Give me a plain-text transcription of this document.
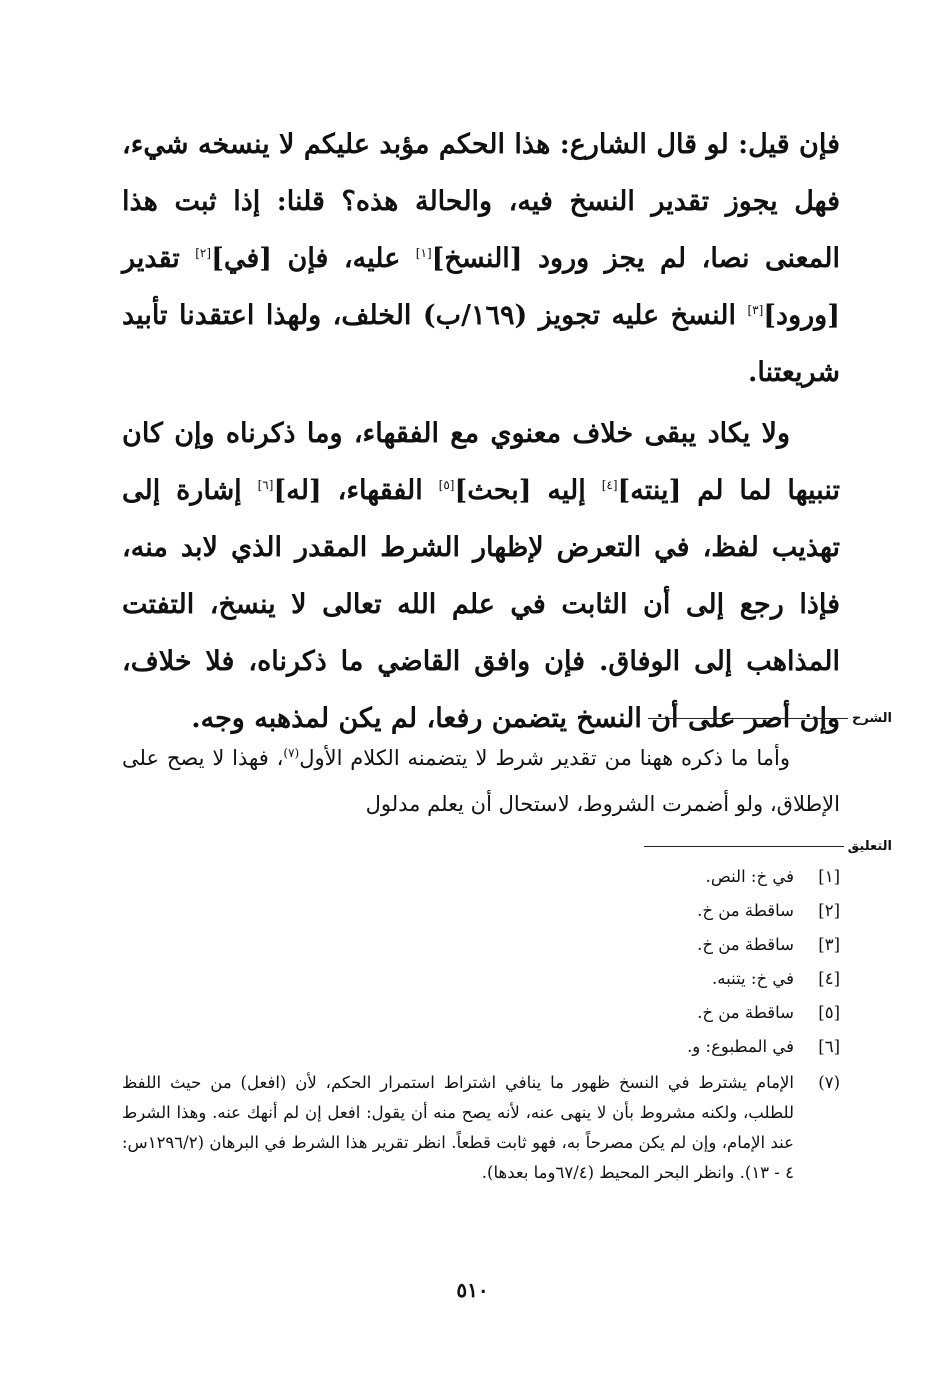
فإن قيل: لو قال الشارع: هذا الحكم مؤبد عليكم لا ينسخه شيء، فهل يجوز تقدير النسخ فيه، والحالة هذه؟ قلنا: إذا ثبت هذا المعنى نصا، لم يجز ورود [النسخ][١] عليه، فإن [في][٢] تقدير [ورود][٣] النسخ عليه تجويز (١٦٩/ب) الخلف، ولهذا اعتقدنا تأبيد شريعتنا.

ولا يكاد يبقى خلاف معنوي مع الفقهاء، وما ذكرناه وإن كان تنبيها لما لم [ينته][٤] إليه [بحث][٥] الفقهاء، [له][٦] إشارة إلى تهذيب لفظ، في التعرض لإظهار الشرط المقدر الذي لابد منه، فإذا رجع إلى أن الثابت في علم الله تعالى لا ينسخ، التفتت المذاهب إلى الوفاق. فإن وافق القاضي ما ذكرناه، فلا خلاف، وإن أصر على أن النسخ يتضمن رفعا، لم يكن لمذهبه وجه. الشرح

وأما ما ذكره ههنا من تقدير شرط لا يتضمنه الكلام الأول$^{(٧)}$، فهذا لا يصح على الإطلاق، ولو أضمرت الشروط، لاستحال أن يعلم مدلول

التعليق
[١]
في خ: النص.
[٢]
ساقطة من خ.
[٣]
ساقطة من خ.
[٤]
في خ: يتنبه.
[٥]
ساقطة من خ.
[٦]
في المطبوع: و.
(٧)
الإمام يشترط في النسخ ظهور ما ينافي اشتراط استمرار الحكم، لأن (افعل) من حيث اللفظ للطلب، ولكنه مشروط بأن لا ينهى عنه، لأنه يصح منه أن يقول: افعل إن لم أنهك عنه. وهذا الشرط عند الإمام، وإن لم يكن مصرحاً به، فهو ثابت قطعاً. انظر تقرير هذا الشرط في البرهان (١٢٩٦/٢س: ٤ - ١٣). وانظر البحر المحيط (٦٧/٤وما بعدها).
٥١٠
